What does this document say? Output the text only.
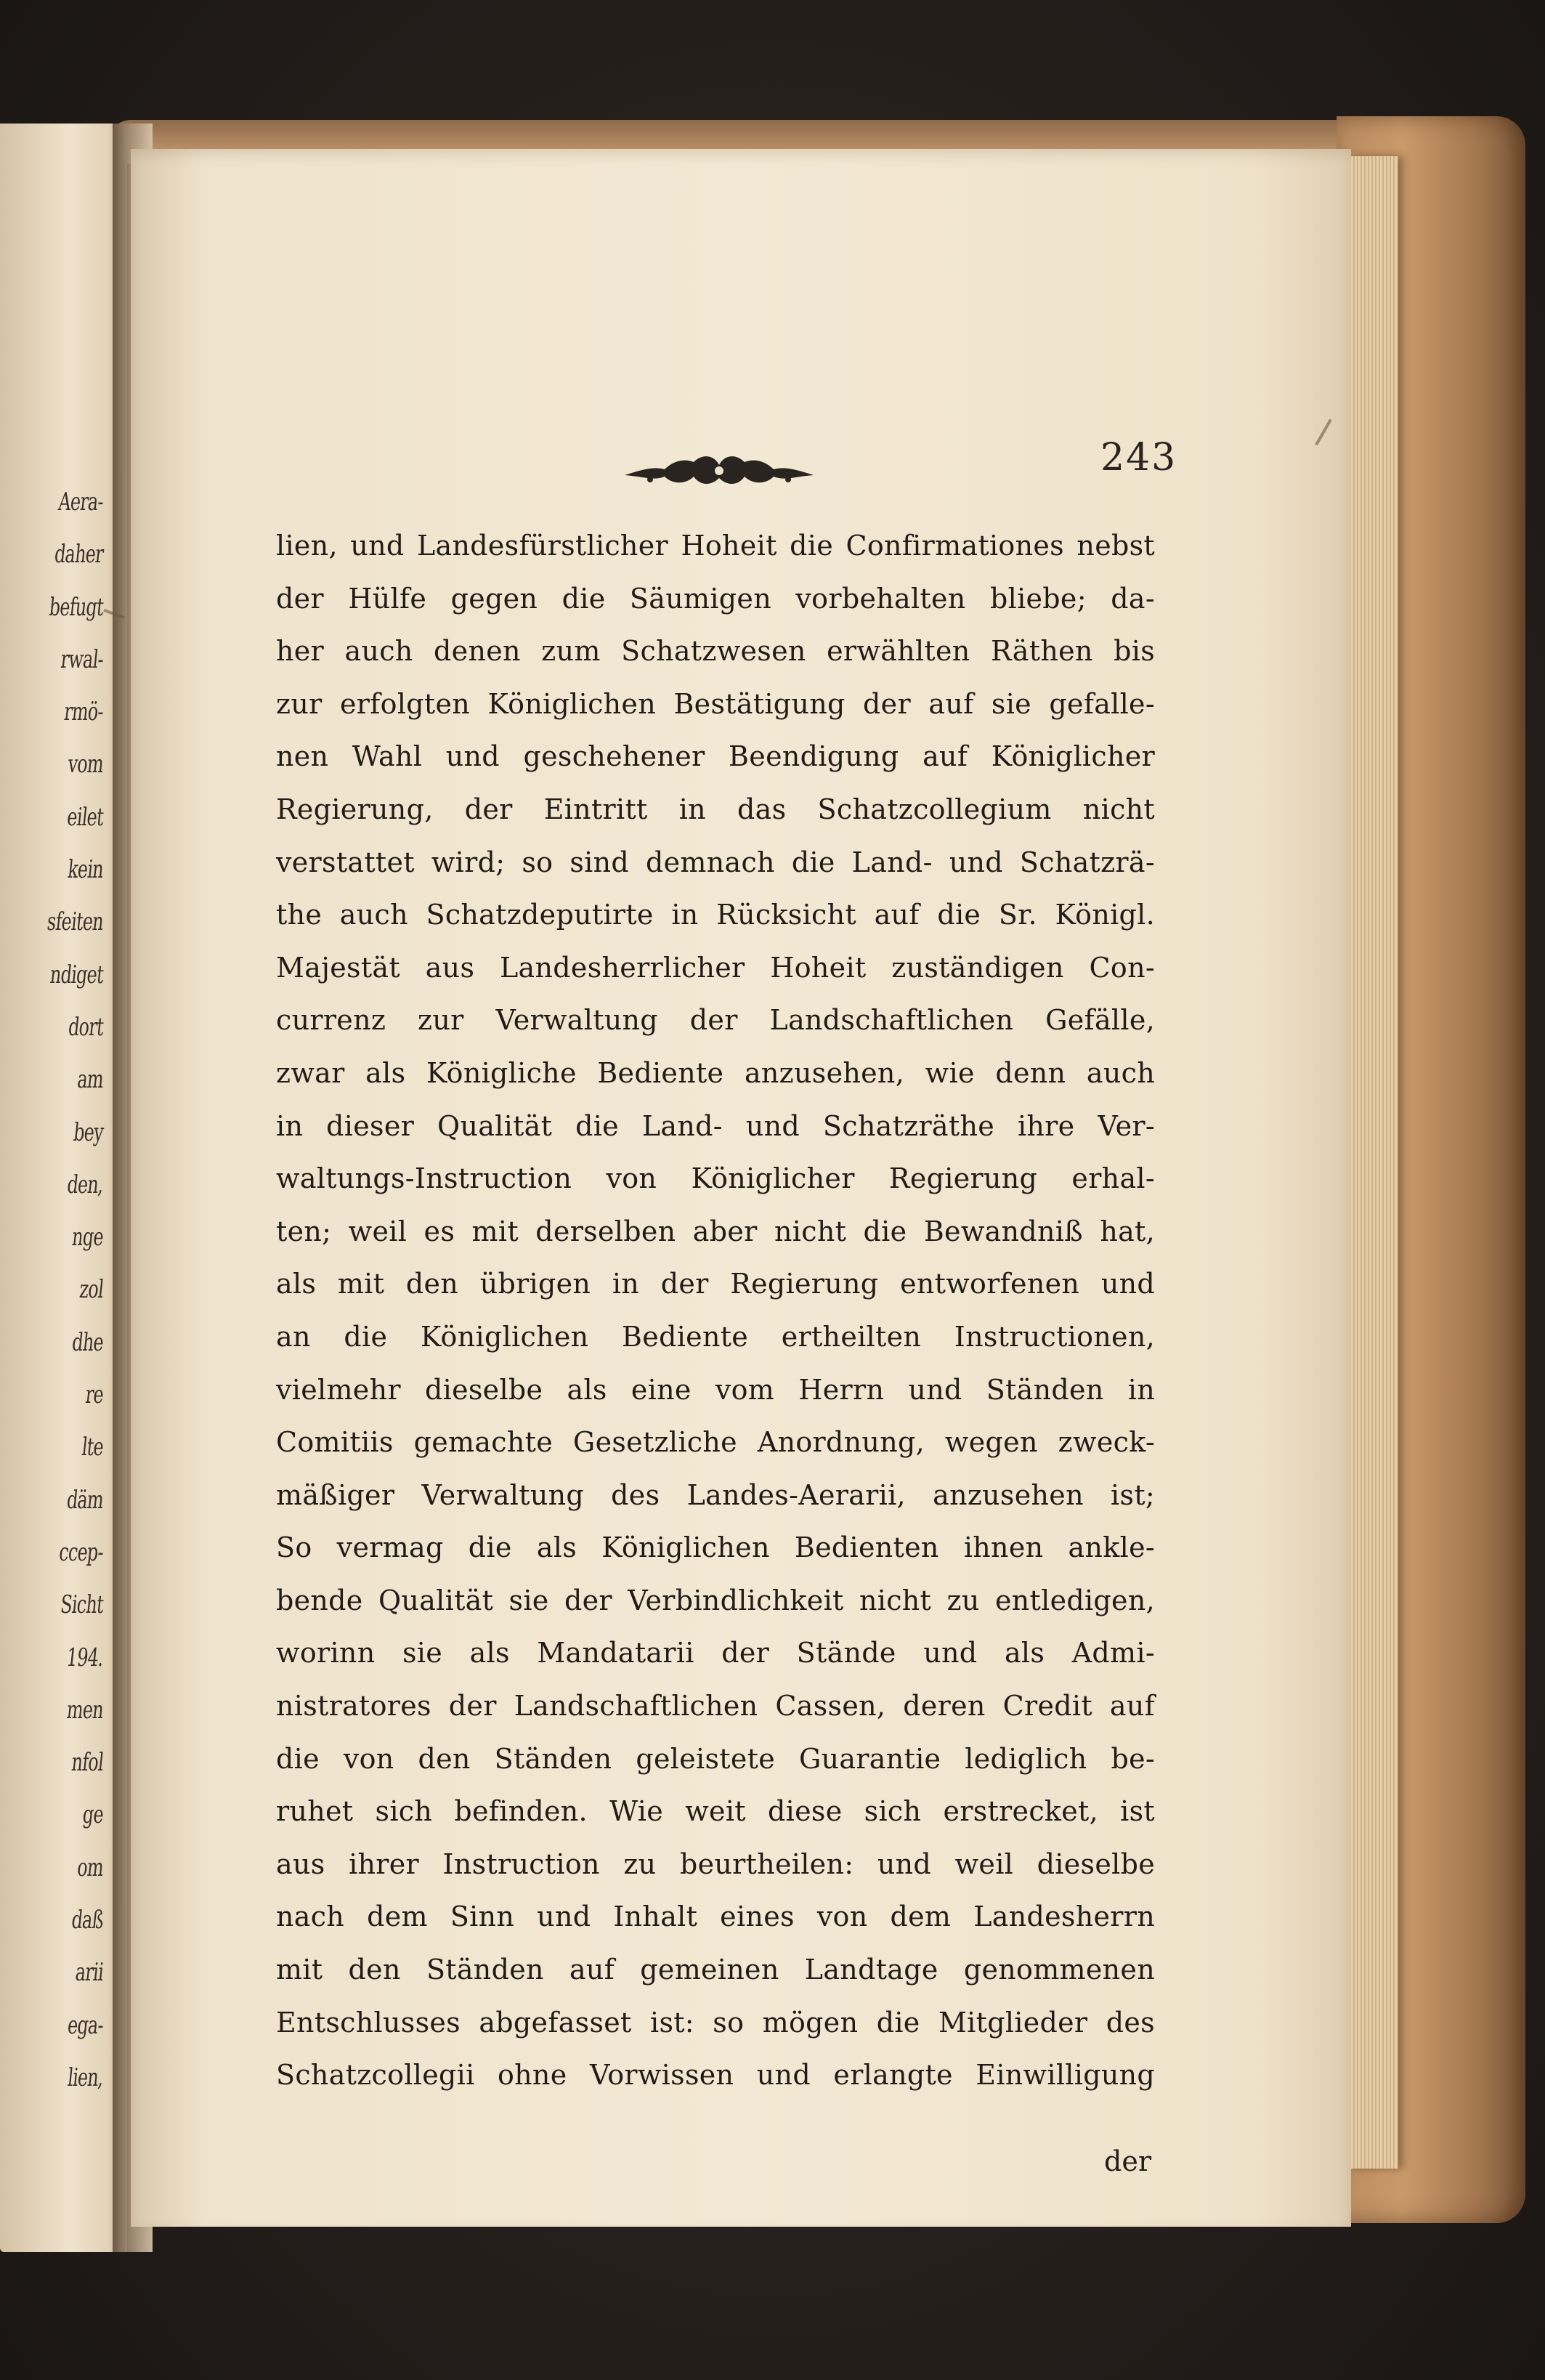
Aera-
daher
befugt
rwal-
rmö-
vom
eilet
kein
sfeiten
ndiget
dort
am
bey
den,
nge
zol
dhe
re
lte
däm
ccep-
Sicht
194.
men
nfol
ge
om
daß
arii
ega-
lien,
243
lien, und Landesfürstlicher Hoheit die Confirmationes nebst
der Hülfe gegen die Säumigen vorbehalten bliebe; da-
her auch denen zum Schatzwesen erwählten Räthen bis
zur erfolgten Königlichen Bestätigung der auf sie gefalle-
nen Wahl und geschehener Beendigung auf Königlicher
Regierung, der Eintritt in das Schatzcollegium nicht
verstattet wird; so sind demnach die Land- und Schatzrä-
the auch Schatzdeputirte in Rücksicht auf die Sr. Königl.
Majestät aus Landesherrlicher Hoheit zuständigen Con-
currenz zur Verwaltung der Landschaftlichen Gefälle,
zwar als Königliche Bediente anzusehen, wie denn auch
in dieser Qualität die Land- und Schatzräthe ihre Ver-
waltungs-Instruction von Königlicher Regierung erhal-
ten; weil es mit derselben aber nicht die Bewandniß hat,
als mit den übrigen in der Regierung entworfenen und
an die Königlichen Bediente ertheilten Instructionen,
vielmehr dieselbe als eine vom Herrn und Ständen in
Comitiis gemachte Gesetzliche Anordnung, wegen zweck-
mäßiger Verwaltung des Landes-Aerarii, anzusehen ist;
So vermag die als Königlichen Bedienten ihnen ankle-
bende Qualität sie der Verbindlichkeit nicht zu entledigen,
worinn sie als Mandatarii der Stände und als Admi-
nistratores der Landschaftlichen Cassen, deren Credit auf
die von den Ständen geleistete Guarantie lediglich be-
ruhet sich befinden. Wie weit diese sich erstrecket, ist
aus ihrer Instruction zu beurtheilen: und weil dieselbe
nach dem Sinn und Inhalt eines von dem Landesherrn
mit den Ständen auf gemeinen Landtage genommenen
Entschlusses abgefasset ist: so mögen die Mitglieder des
Schatzcollegii ohne Vorwissen und erlangte Einwilligung
der
